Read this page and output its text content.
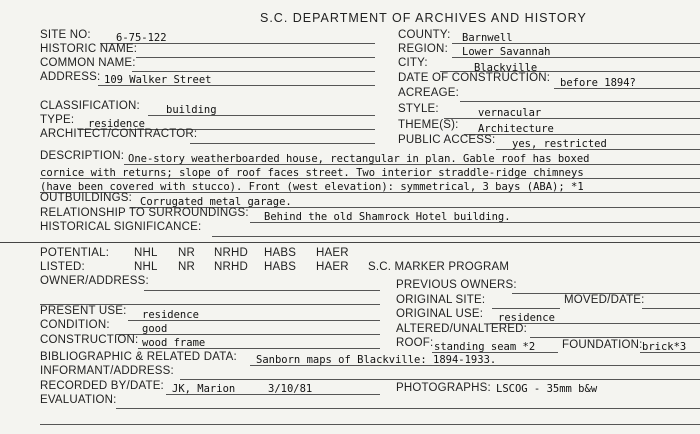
S.C. DEPARTMENT OF ARCHIVES AND HISTORY
SITE NO: 6-75-122	COUNTY: Barnwell
HISTORIC NAME:	REGION: Lower Savannah
COMMON NAME:	CITY:	Blackville
ADDRESS: 109 Walker Street	DATE OF CONSTRUCTION: before 1894?
ACREAGE:
CLASSIFICATION: building	STYLE:	vernacular
TYPE: residence	THEME(S): Architecture
ARCHITECT/CONTRACTOR:	PUBLIC ACCESS: yes, restricted
DESCRIPTION: One-story weatherboarded house, rectangular in plan. Gable roof has boxed
cornice with returns; slope of roof faces street. Two interior straddle-ridge chimneys
(have been covered with stucco). Front (west elevation): symmetrical, 3 bays (ABA); *1
OUTBUILDINGS: Corrugated metal garage.
RELATIONSHIP TO SURROUNDINGS: Behind the old Shamrock Hotel building.
HISTORICAL SIGNIFICANCE:
POTENTIAL: NHL NR NRHD HABS HAER
LISTED:	NHL NR NRHD HABS HAER S.C. MARKER PROGRAM
OWNER/ADDRESS:	PREVIOUS OWNERS:
ORIGINAL SITE:	MOVED/DATE:
PRESENT USE: residence	ORIGINAL USE: residence
CONDITION:	good	ALTERED/UNALTERED:
CONSTRUCTION: wood frame	ROOF: standing seam *2 FOUNDATION: brick*3
BIBLIOGRAPHIC & RELATED DATA: Sanborn maps of Blackville: 1894-1933.
INFORMANT/ADDRESS:
RECORDED BY/DATE: JK, Marion	3/10/81	PHOTOGRAPHS: LSCOG - 35mm b&w
EVALUATION:
